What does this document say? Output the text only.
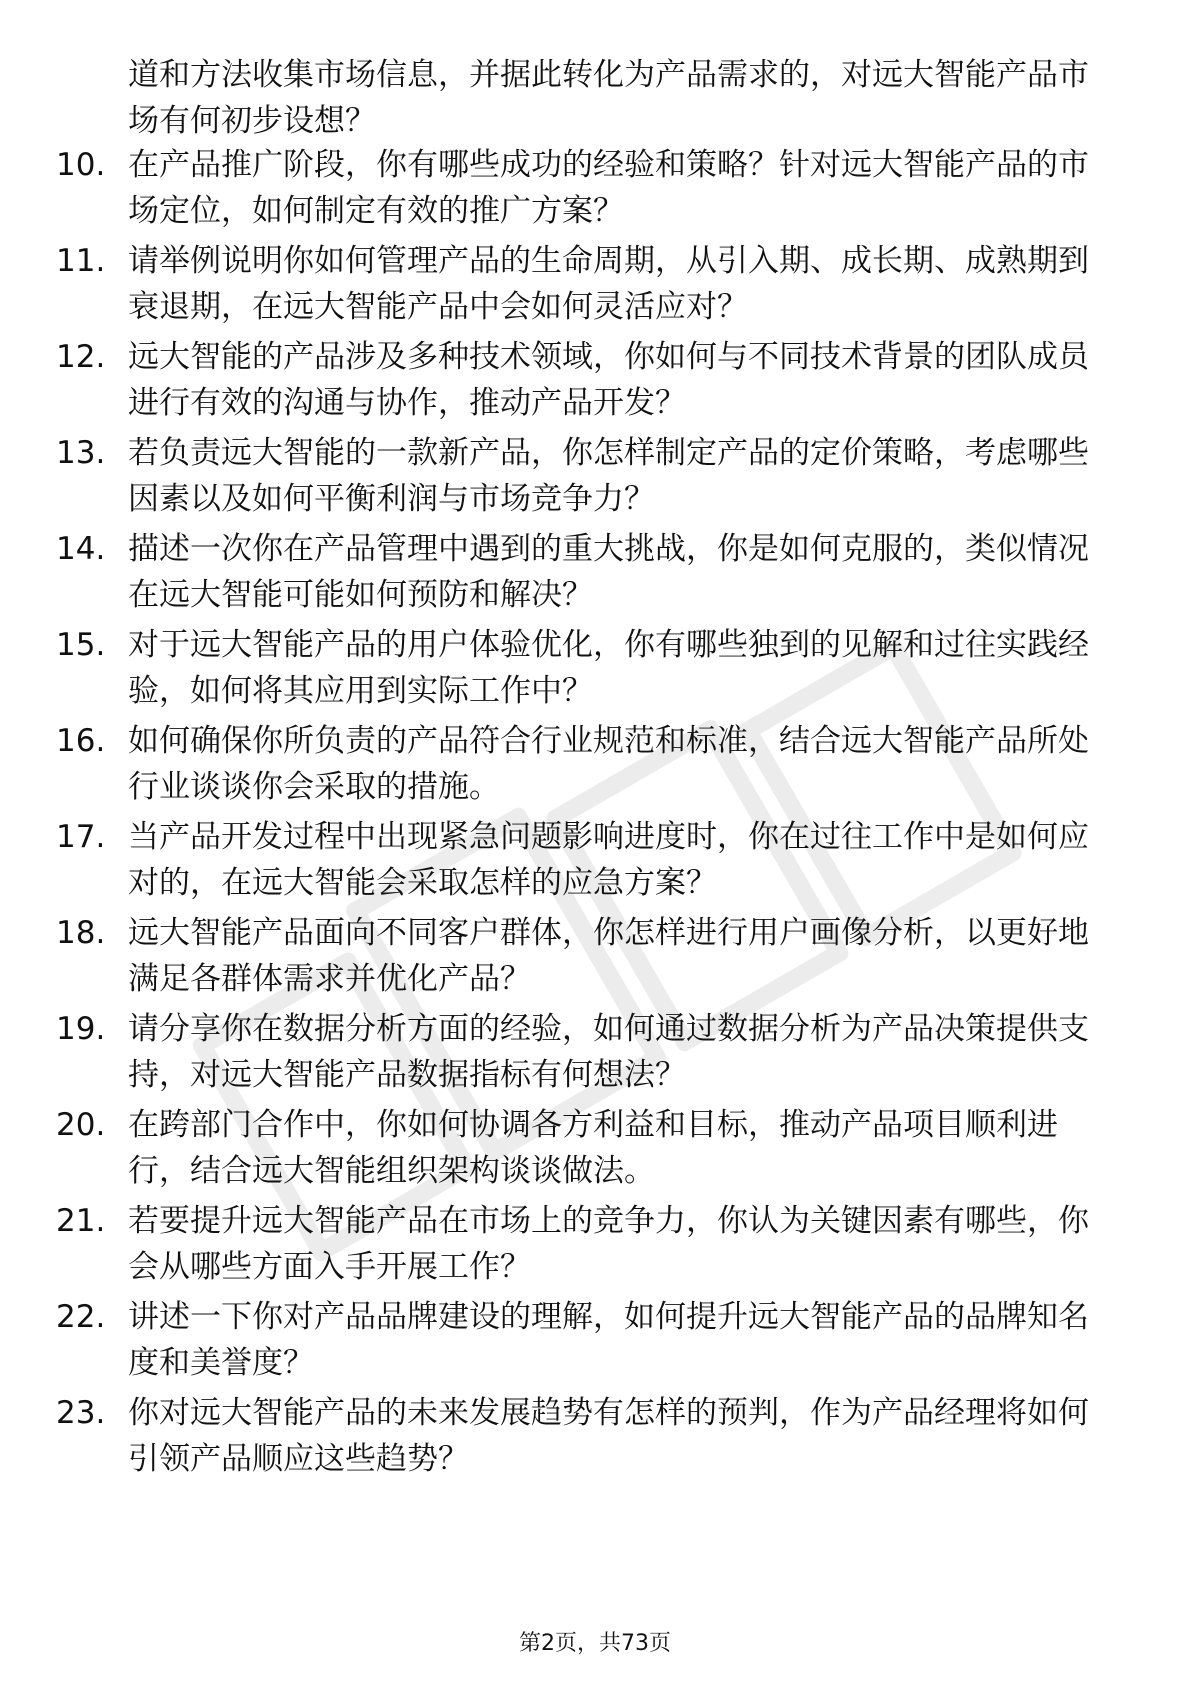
道和方法收集市场信息，并据此转化为产品需求的，对远大智能产品市场有何初步设想？
10. 在产品推广阶段，你有哪些成功的经验和策略？针对远大智能产品的市场定位，如何制定有效的推广方案？
11. 请举例说明你如何管理产品的生命周期，从引入期、成长期、成熟期到衰退期，在远大智能产品中会如何灵活应对？
12. 远大智能的产品涉及多种技术领域，你如何与不同技术背景的团队成员进行有效的沟通与协作，推动产品开发？
13. 若负责远大智能的一款新产品，你怎样制定产品的定价策略，考虑哪些因素以及如何平衡利润与市场竞争力？
14. 描述一次你在产品管理中遇到的重大挑战，你是如何克服的，类似情况在远大智能可能如何预防和解决？
15. 对于远大智能产品的用户体验优化，你有哪些独到的见解和过往实践经验，如何将其应用到实际工作中？
16. 如何确保你所负责的产品符合行业规范和标准，结合远大智能产品所处行业谈谈你会采取的措施。
17. 当产品开发过程中出现紧急问题影响进度时，你在过往工作中是如何应对的，在远大智能会采取怎样的应急方案？
18. 远大智能产品面向不同客户群体，你怎样进行用户画像分析，以更好地满足各群体需求并优化产品？
19. 请分享你在数据分析方面的经验，如何通过数据分析为产品决策提供支持，对远大智能产品数据指标有何想法？
20. 在跨部门合作中，你如何协调各方利益和目标，推动产品项目顺利进行，结合远大智能组织架构谈谈做法。
21. 若要提升远大智能产品在市场上的竞争力，你认为关键因素有哪些，你会从哪些方面入手开展工作？
22. 讲述一下你对产品品牌建设的理解，如何提升远大智能产品的品牌知名度和美誉度？
23. 你对远大智能产品的未来发展趋势有怎样的预判，作为产品经理将如何引领产品顺应这些趋势？
第2页，共73页
